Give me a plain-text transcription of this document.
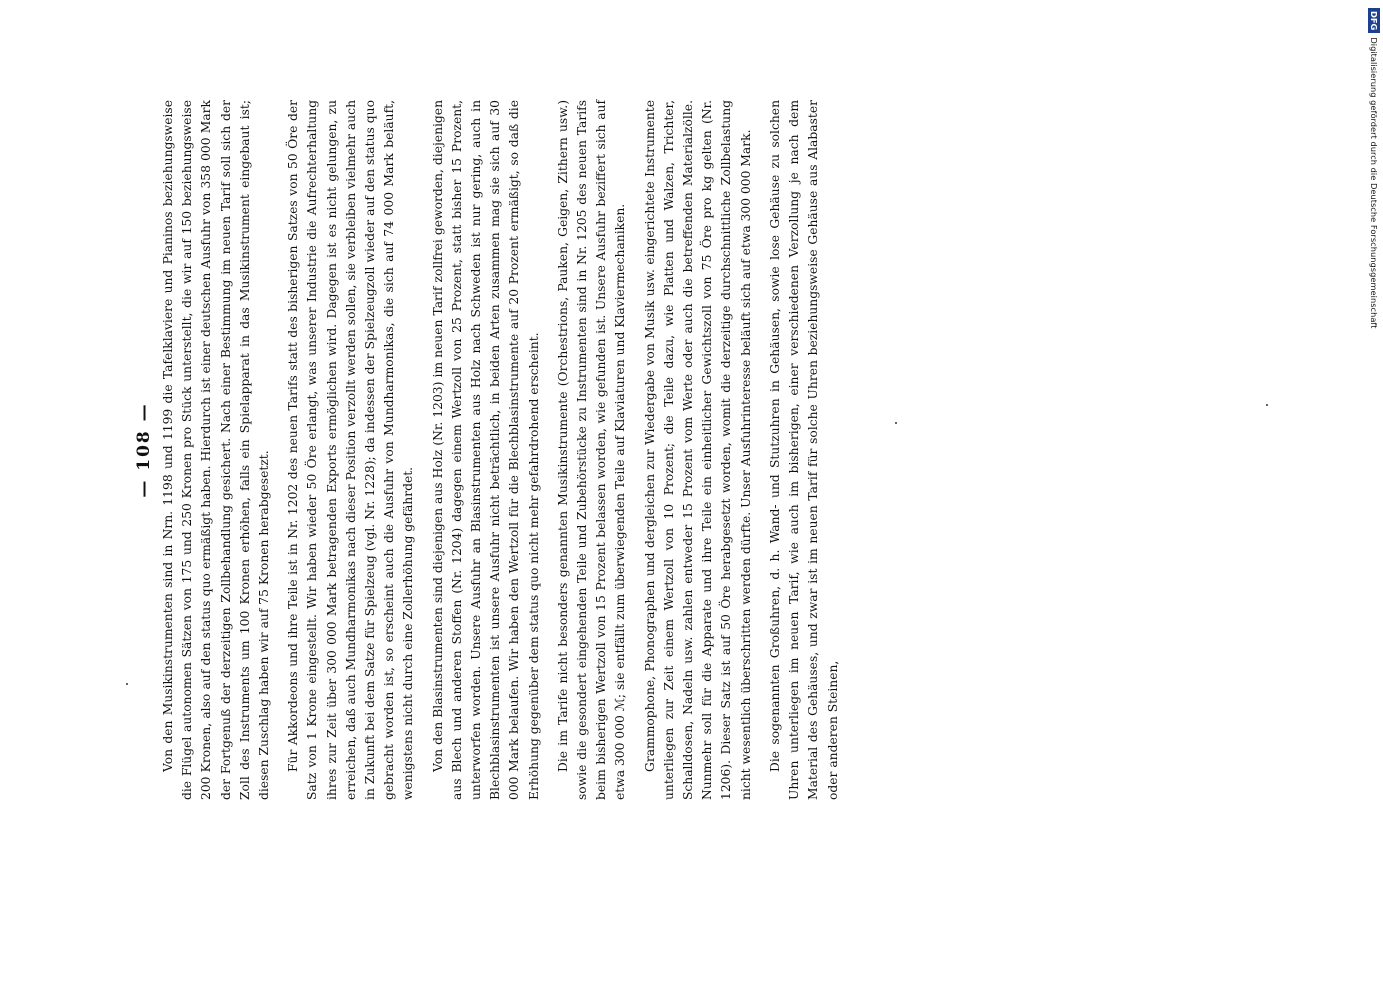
— 108 — Von den Musikinstrumenten sind in Nrn. 1198 und 1199 die Tafelklaviere und Pianinos beziehungsweise die Flügel autonomen Sätzen von 175 und 250 Kronen pro Stück unterstellt, die wir auf 150 beziehungsweise 200 Kronen, also auf den status quo ermäßigt haben. Hierdurch ist einer deutschen Ausfuhr von 358 000 Mark der Fortgenuß der derzeitigen Zollbehandlung gesichert. Nach einer Bestimmung im neuen Tarif soll sich der Zoll des Instruments um 100 Kronen erhöhen, falls ein Spielapparat in das Musikinstrument eingebaut ist; diesen Zuschlag haben wir auf 75 Kronen herabgesetzt. Für Akkordeons und ihre Teile ist in Nr. 1202 des neuen Tarifs statt des bisherigen Satzes von 50 Öre der Satz von 1 Krone eingestellt. Wir haben wieder 50 Öre erlangt, was unserer Industrie die Aufrechterhaltung ihres zur Zeit über 300 000 Mark betragenden Exports ermöglichen wird. Dagegen ist es nicht gelungen, zu erreichen, daß auch Mundharmonikas nach dieser Position verzollt werden sollen, sie verbleiben vielmehr auch in Zukunft bei dem Satze für Spielzeug (vgl. Nr. 1228); da indessen der Spielzeugzoll wieder auf den status quo gebracht worden ist, so erscheint auch die Ausfuhr von Mundharmonikas, die sich auf 74 000 Mark beläuft, wenigstens nicht durch eine Zollerhöhung gefährdet. Von den Blasinstrumenten sind diejenigen aus Holz (Nr. 1203) im neuen Tarif zollfrei geworden, diejenigen aus Blech und anderen Stoffen (Nr. 1204) dagegen einem Wertzoll von 25 Prozent, statt bisher 15 Prozent, unterworfen worden. Unsere Ausfuhr an Blasinstrumenten aus Holz nach Schweden ist nur gering, auch in Blechblasinstrumenten ist unsere Ausfuhr nicht beträchtlich, in beiden Arten zusammen mag sie sich auf 30 000 Mark belaufen. Wir haben den Wertzoll für die Blechblasinstrumente auf 20 Prozent ermäßigt, so daß die Erhöhung gegenüber dem status quo nicht mehr gefahrdrohend erscheint. Die im Tarife nicht besonders genannten Musikinstrumente (Orchestrions, Pauken, Geigen, Zithern usw.) sowie die gesondert eingehenden Teile und Zubehörstücke zu Instrumenten sind in Nr. 1205 des neuen Tarifs beim bisherigen Wertzoll von 15 Prozent belassen worden, wie gefunden ist. Unsere Ausfuhr beziffert sich auf etwa 300 000 ℳ; sie entfällt zum überwiegenden Teile auf Klaviaturen und Klaviermechaniken. Grammophone, Phonographen und dergleichen zur Wiedergabe von Musik usw. eingerichtete Instrumente unterliegen zur Zeit einem Wertzoll von 10 Prozent; die Teile dazu, wie Platten und Walzen, Trichter, Schalldosen, Nadeln usw. zahlen entweder 15 Prozent vom Werte oder auch die betreffenden Materialzölle. Nunmehr soll für die Apparate und ihre Teile ein einheitlicher Gewichtszoll von 75 Öre pro kg gelten (Nr. 1206). Dieser Satz ist auf 50 Öre herabgesetzt worden, womit die derzeitige durchschnittliche Zollbelastung nicht wesentlich überschritten werden dürfte. Unser Ausfuhrinteresse beläuft sich auf etwa 300 000 Mark. Die sogenannten Großuhren, d. h. Wand- und Stutzuhren in Gehäusen, sowie lose Gehäuse zu solchen Uhren unterliegen im neuen Tarif, wie auch im bisherigen, einer verschiedenen Verzollung je nach dem Material des Gehäuses, und zwar ist im neuen Tarif für solche Uhren beziehungsweise Gehäuse aus Alabaster oder anderen Steinen,

DFGDigitalisierung gefördert durch die Deutsche Forschungsgemeinschaft
